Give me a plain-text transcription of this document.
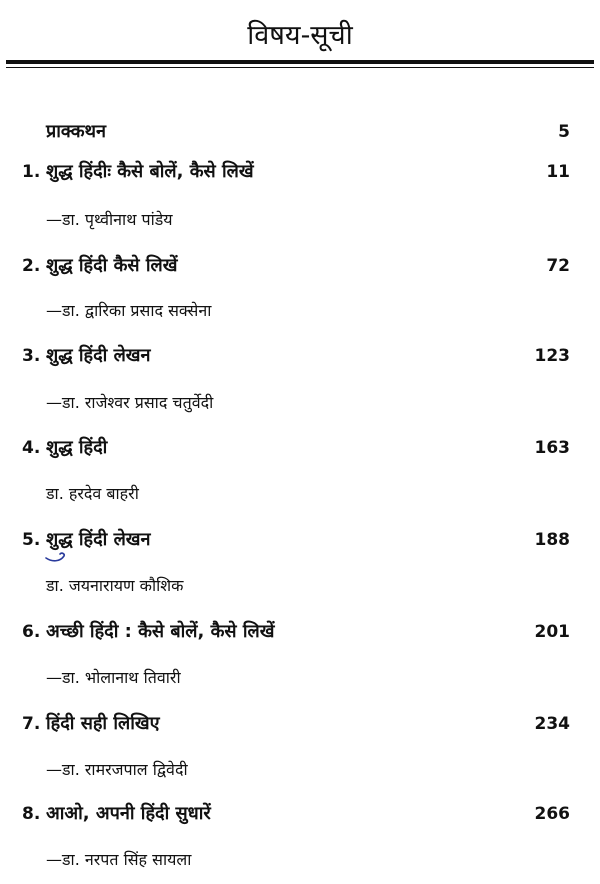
विषय-सूची
प्राक्कथन	5
1. शुद्ध हिंदीः कैसे बोलें, कैसे लिखें	11
—डा. पृथ्वीनाथ पांडेय
2. शुद्ध हिंदी कैसे लिखें	72
—डा. द्वारिका प्रसाद सक्सेना
3. शुद्ध हिंदी लेखन	123
—डा. राजेश्वर प्रसाद चतुर्वेदी
4. शुद्ध हिंदी	163
डा. हरदेव बाहरी
5. शुद्ध हिंदी लेखन	188
डा. जयनारायण कौशिक
6. अच्छी हिंदी : कैसे बोलें, कैसे लिखें	201
—डा. भोलानाथ तिवारी
7. हिंदी सही लिखिए	234
—डा. रामरजपाल द्विवेदी
8. आओ, अपनी हिंदी सुधारें	266
—डा. नरपत सिंह सायला
